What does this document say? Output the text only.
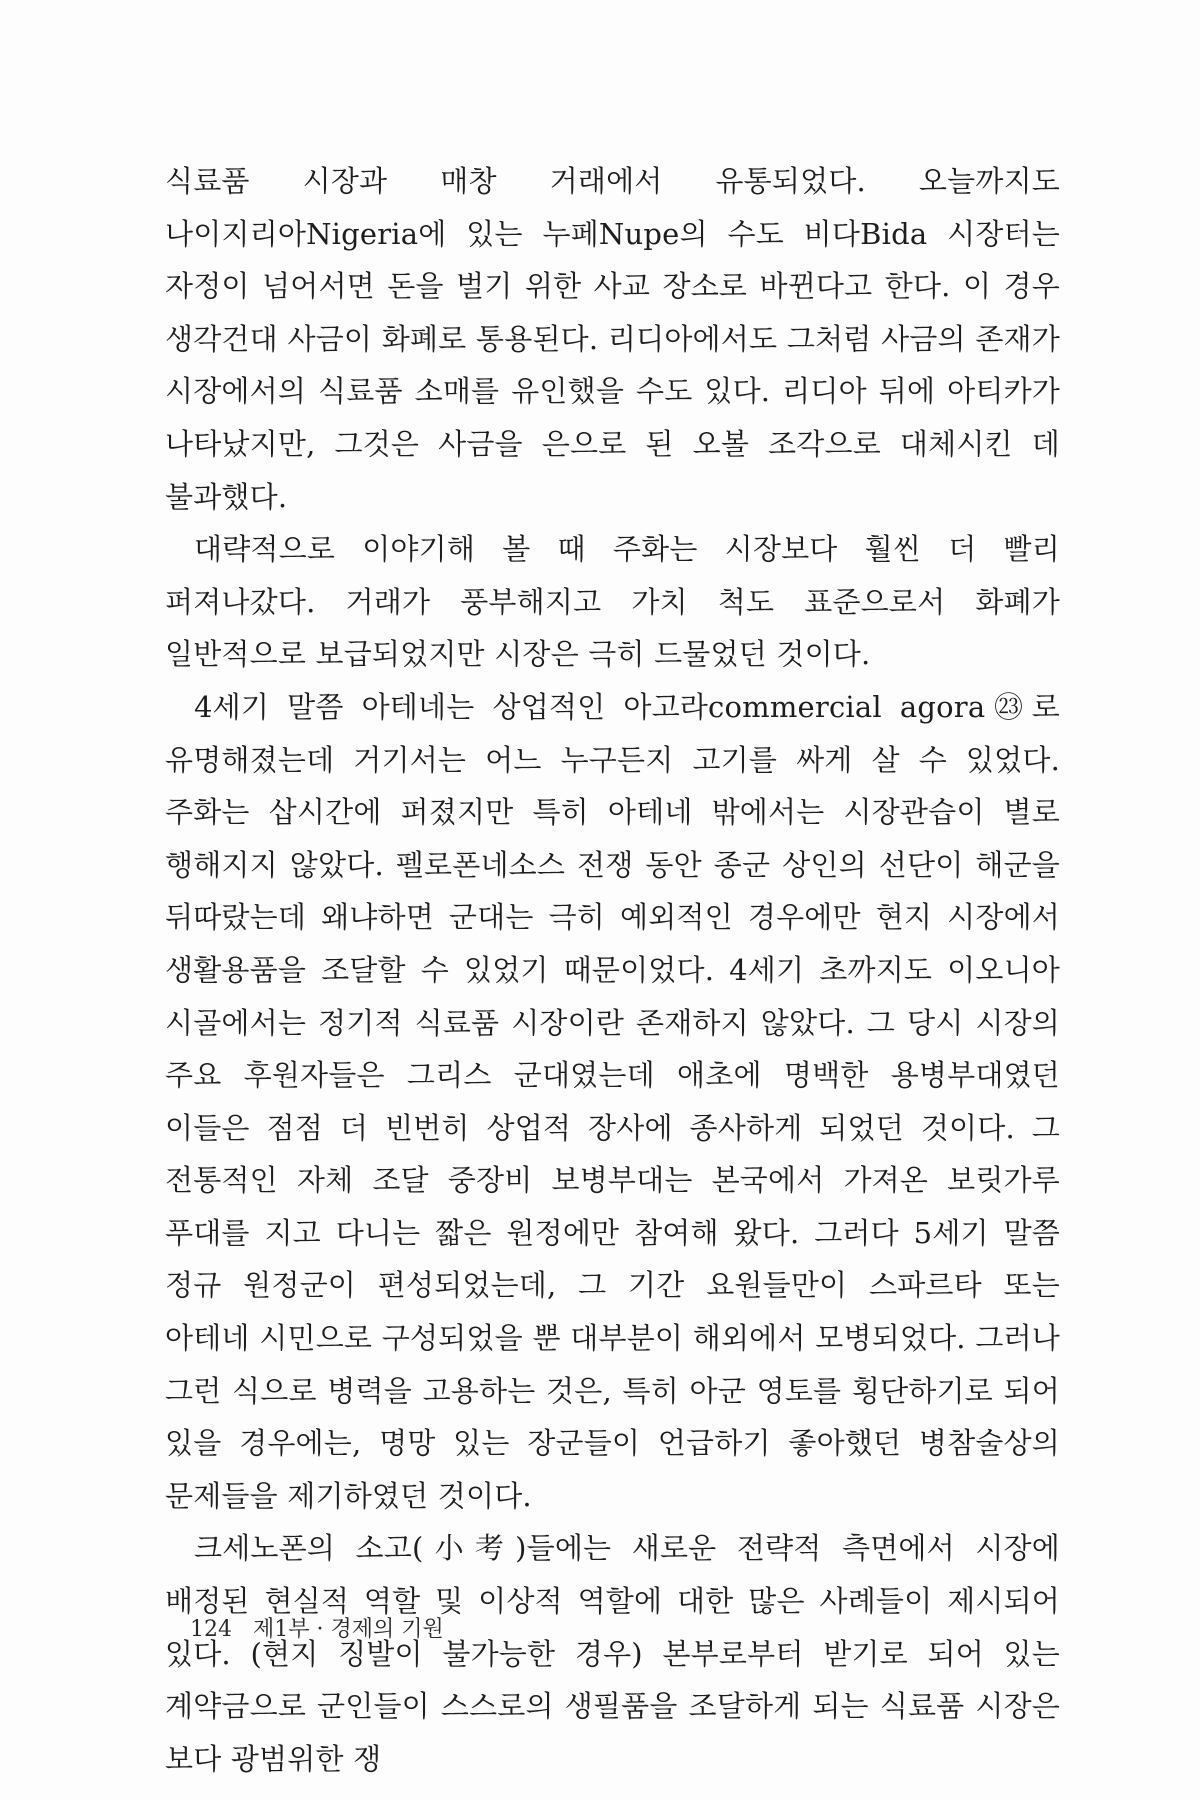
식료품 시장과 매창 거래에서 유통되었다. 오늘까지도 나이지리아Nigeria에 있는 누페Nupe의 수도 비다Bida 시장터는 자정이 넘어서면 돈을 벌기 위한 사교 장소로 바뀐다고 한다. 이 경우 생각건대 사금이 화폐로 통용된다. 리디아에서도 그처럼 사금의 존재가 시장에서의 식료품 소매를 유인했을 수도 있다. 리디아 뒤에 아티카가 나타났지만, 그것은 사금을 은으로 된 오볼 조각으로 대체시킨 데 불과했다.

대략적으로 이야기해 볼 때 주화는 시장보다 훨씬 더 빨리 퍼져나갔다. 거래가 풍부해지고 가치 척도 표준으로서 화폐가 일반적으로 보급되었지만 시장은 극히 드물었던 것이다.

4세기 말쯤 아테네는 상업적인 아고라commercial agora㉓로 유명해졌는데 거기서는 어느 누구든지 고기를 싸게 살 수 있었다. 주화는 삽시간에 퍼졌지만 특히 아테네 밖에서는 시장관습이 별로 행해지지 않았다. 펠로폰네소스 전쟁 동안 종군 상인의 선단이 해군을 뒤따랐는데 왜냐하면 군대는 극히 예외적인 경우에만 현지 시장에서 생활용품을 조달할 수 있었기 때문이었다. 4세기 초까지도 이오니아 시골에서는 정기적 식료품 시장이란 존재하지 않았다. 그 당시 시장의 주요 후원자들은 그리스 군대였는데 애초에 명백한 용병부대였던 이들은 점점 더 빈번히 상업적 장사에 종사하게 되었던 것이다. 그 전통적인 자체 조달 중장비 보병부대는 본국에서 가져온 보릿가루 푸대를 지고 다니는 짧은 원정에만 참여해 왔다. 그러다 5세기 말쯤 정규 원정군이 편성되었는데, 그 기간 요원들만이 스파르타 또는 아테네 시민으로 구성되었을 뿐 대부분이 해외에서 모병되었다. 그러나 그런 식으로 병력을 고용하는 것은, 특히 아군 영토를 횡단하기로 되어 있을 경우에는, 명망 있는 장군들이 언급하기 좋아했던 병참술상의 문제들을 제기하였던 것이다.

크세노폰의 소고(小考)들에는 새로운 전략적 측면에서 시장에 배정된 현실적 역할 및 이상적 역할에 대한 많은 사례들이 제시되어 있다. (현지 징발이 불가능한 경우) 본부로부터 받기로 되어 있는 계약금으로 군인들이 스스로의 생필품을 조달하게 되는 식료품 시장은 보다 광범위한 쟁

124 제1부 · 경제의 기원
